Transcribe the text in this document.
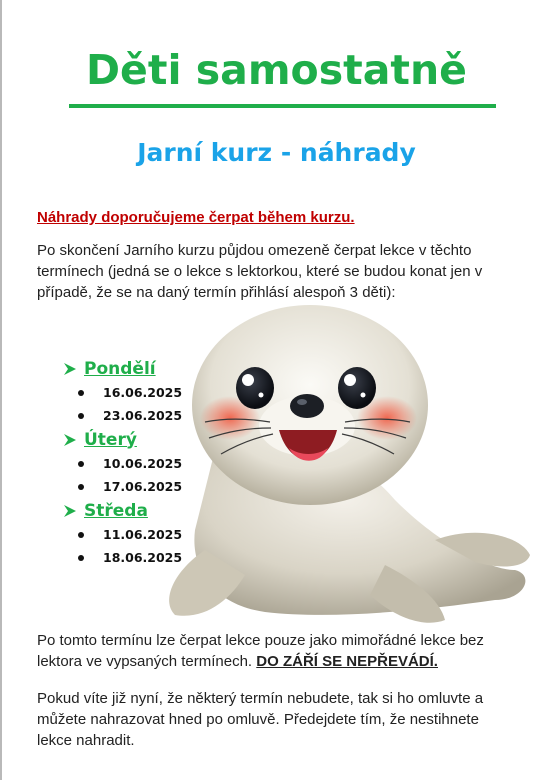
Děti samostatně
Jarní kurz - náhrady
Náhrady doporučujeme čerpat během kurzu.
Po skončení Jarního kurzu půjdou omezeně čerpat lekce v těchto termínech (jedná se o lekce s lektorkou, které se budou konat jen v případě, že se na daný termín přihlásí alespoň 3 děti):
Pondělí
16.06.2025
23.06.2025
Úterý
10.06.2025
17.06.2025
Středa
11.06.2025
18.06.2025
Po tomto termínu lze čerpat lekce pouze jako mimořádné lekce bez lektora ve vypsaných termínech. DO ZÁŘÍ SE NEPŘEVÁDÍ.
Pokud víte již nyní, že některý termín nebudete, tak si ho omluvte a můžete nahrazovat hned po omluvě. Předejdete tím, že nestihnete lekce nahradit.
